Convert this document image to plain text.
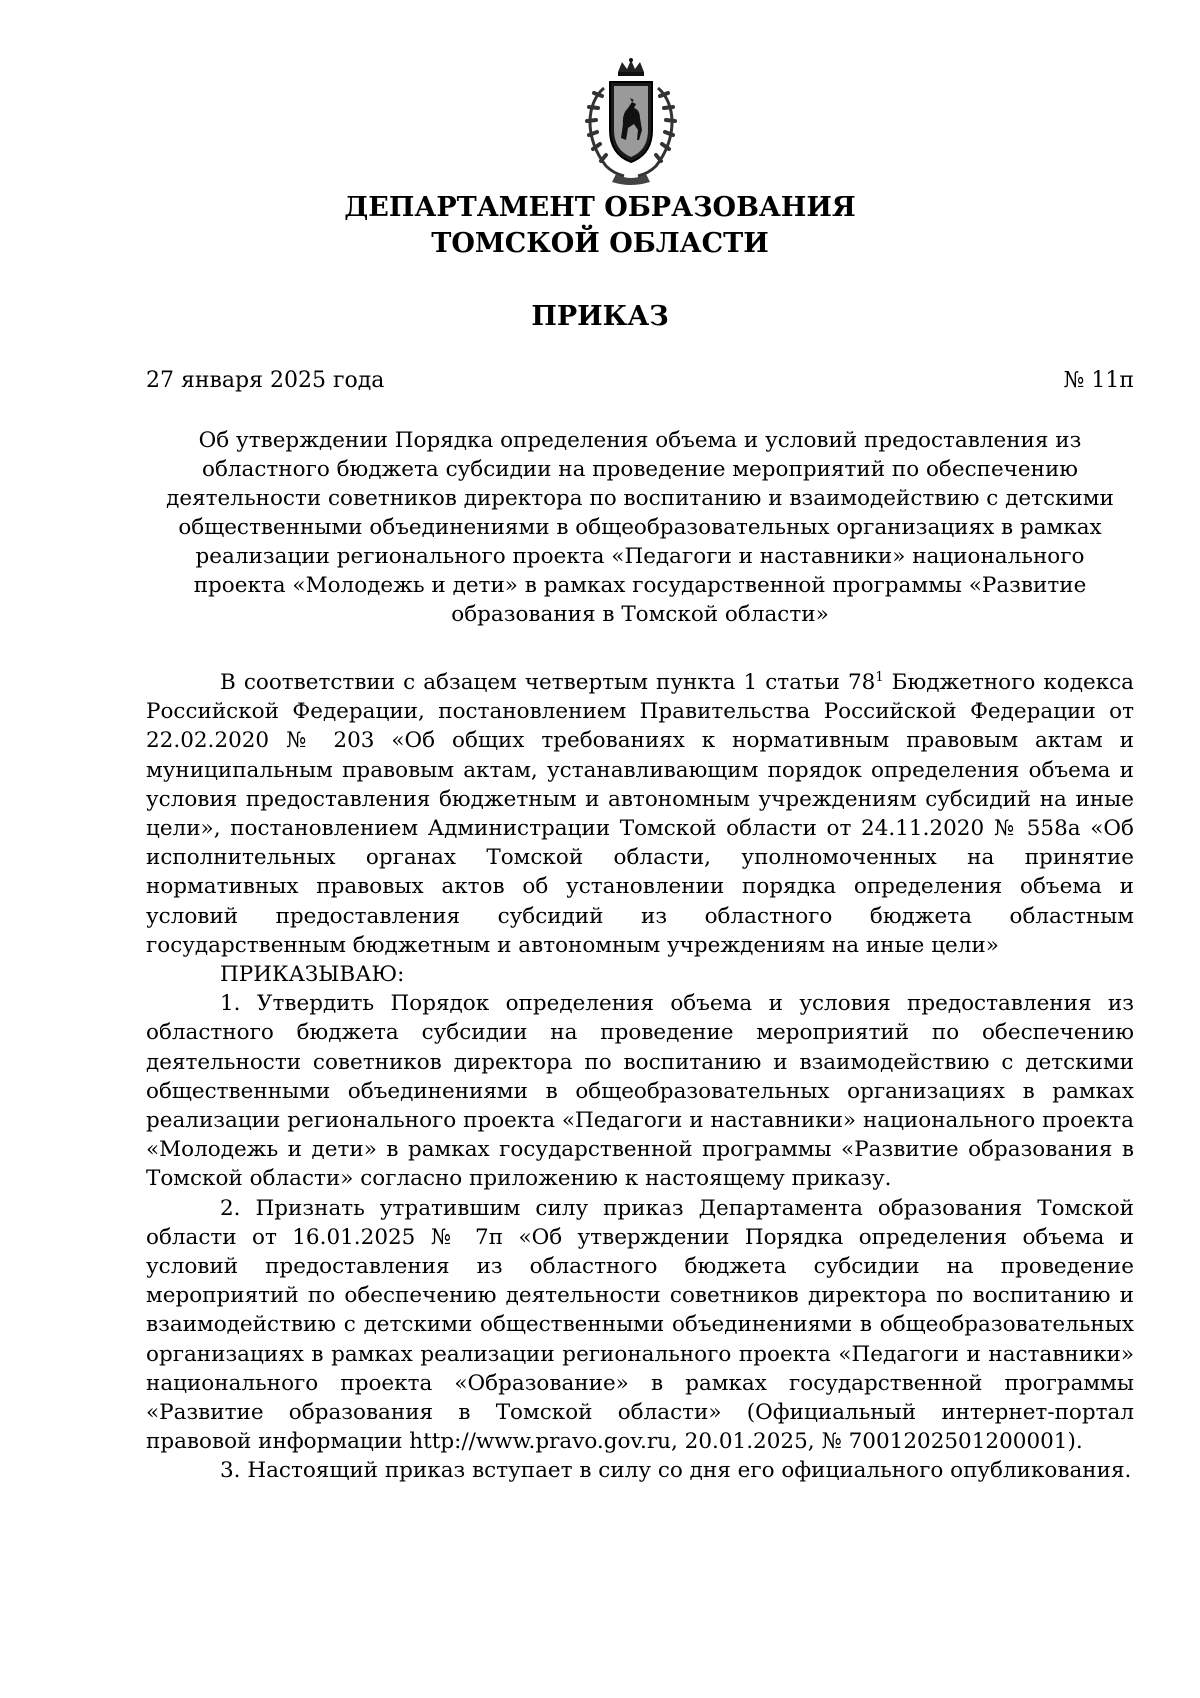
ДЕПАРТАМЕНТ ОБРАЗОВАНИЯ
ТОМСКОЙ ОБЛАСТИ
ПРИКАЗ
27 января 2025 года	№ 11п
Об утверждении Порядка определения объема и условий предоставления из областного бюджета субсидии на проведение мероприятий по обеспечению деятельности советников директора по воспитанию и взаимодействию с детскими общественными объединениями в общеобразовательных организациях в рамках реализации регионального проекта «Педагоги и наставники» национального проекта «Молодежь и дети» в рамках государственной программы «Развитие образования в Томской области»

В соответствии с абзацем четвертым пункта 1 статьи $78^1$ Бюджетного кодекса Российской Федерации, постановлением Правительства Российской Федерации от 22.02.2020 № 203 «Об общих требованиях к нормативным правовым актам и муниципальным правовым актам, устанавливающим порядок определения объема и условия предоставления бюджетным и автономным учреждениям субсидий на иные цели», постановлением Администрации Томской области от 24.11.2020 № 558а «Об исполнительных органах Томской области, уполномоченных на принятие нормативных правовых актов об установлении порядка определения объема и условий предоставления субсидий из областного бюджета областным государственным бюджетным и автономным учреждениям на иные цели»

ПРИКАЗЫВАЮ:

1. Утвердить Порядок определения объема и условия предоставления из областного бюджета субсидии на проведение мероприятий по обеспечению деятельности советников директора по воспитанию и взаимодействию с детскими общественными объединениями в общеобразовательных организациях в рамках реализации регионального проекта «Педагоги и наставники» национального проекта «Молодежь и дети» в рамках государственной программы «Развитие образования в Томской области» согласно приложению к настоящему приказу.

2. Признать утратившим силу приказ Департамента образования Томской области от 16.01.2025 № 7п «Об утверждении Порядка определения объема и условий предоставления из областного бюджета субсидии на проведение мероприятий по обеспечению деятельности советников директора по воспитанию и взаимодействию с детскими общественными объединениями в общеобразовательных организациях в рамках реализации регионального проекта «Педагоги и наставники» национального проекта «Образование» в рамках государственной программы «Развитие образования в Томской области» (Официальный интернет-портал правовой информации http://www.pravo.gov.ru, 20.01.2025, № 7001202501200001).

3. Настоящий приказ вступает в силу со дня его официального опубликования.
